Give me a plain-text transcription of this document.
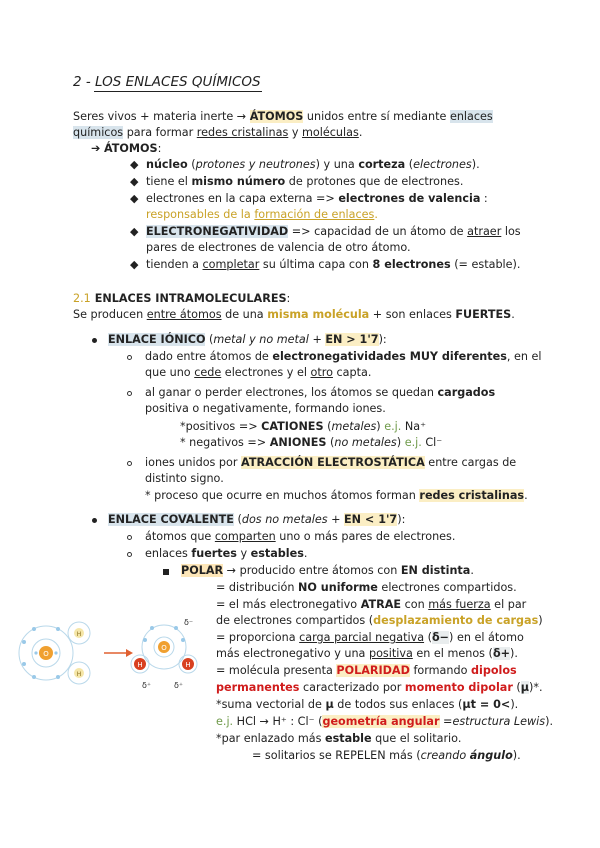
2 - LOS ENLACES QUÍMICOS
Seres vivos + materia inerte → ÁTOMOS unidos entre sí mediante enlaces
químicos para formar redes cristalinas y moléculas.
➔ ÁTOMOS:
◆ núcleo (protones y neutrones) y una corteza (electrones).
◆ tiene el mismo número de protones que de electrones.
◆ electrones en la capa externa => electrones de valencia :
responsables de la formación de enlaces.
◆ ELECTRONEGATIVIDAD => capacidad de un átomo de atraer los
pares de electrones de valencia de otro átomo.
◆ tienden a completar su última capa con 8 electrones (= estable).
2.1 ENLACES INTRAMOLECULARES:
Se producen entre átomos de una misma molécula + son enlaces FUERTES.
ENLACE IÓNICO (metal y no metal + EN > 1'7):
dado entre átomos de electronegatividades MUY diferentes, en el
que uno cede electrones y el otro capta.
al ganar o perder electrones, los átomos se quedan cargados
positiva o negativamente, formando iones.
*positivos => CATIONES (metales) e.j. Na⁺
* negativos => ANIONES (no metales) e.j. Cl⁻
iones unidos por ATRACCIÓN ELECTROSTÁTICA entre cargas de
distinto signo.
* proceso que ocurre en muchos átomos forman redes cristalinas.
ENLACE COVALENTE (dos no metales + EN < 1'7):
átomos que comparten uno o más pares de electrones.
enlaces fuertes y estables.
POLAR → producido entre átomos con EN distinta.
= distribución NO uniforme electrones compartidos.
= el más electronegativo ATRAE con más fuerza el par
de electrones compartidos (desplazamiento de cargas)
= proporciona carga parcial negativa (δ−) en el átomo
más electronegativo y una positiva en el menos (δ+).
= molécula presenta POLARIDAD formando dipolos
permanentes caracterizado por momento dipolar (μ)*.
*suma vectorial de μ de todos sus enlaces (μt = 0<).
e.j. HCl → H⁺ : Cl⁻ (geometría angular =estructura Lewis).
*par enlazado más estable que el solitario.
= solitarios se REPELEN más (creando ángulo).
O
H
H
O
H	H
δ⁻
δ⁺	δ⁺
